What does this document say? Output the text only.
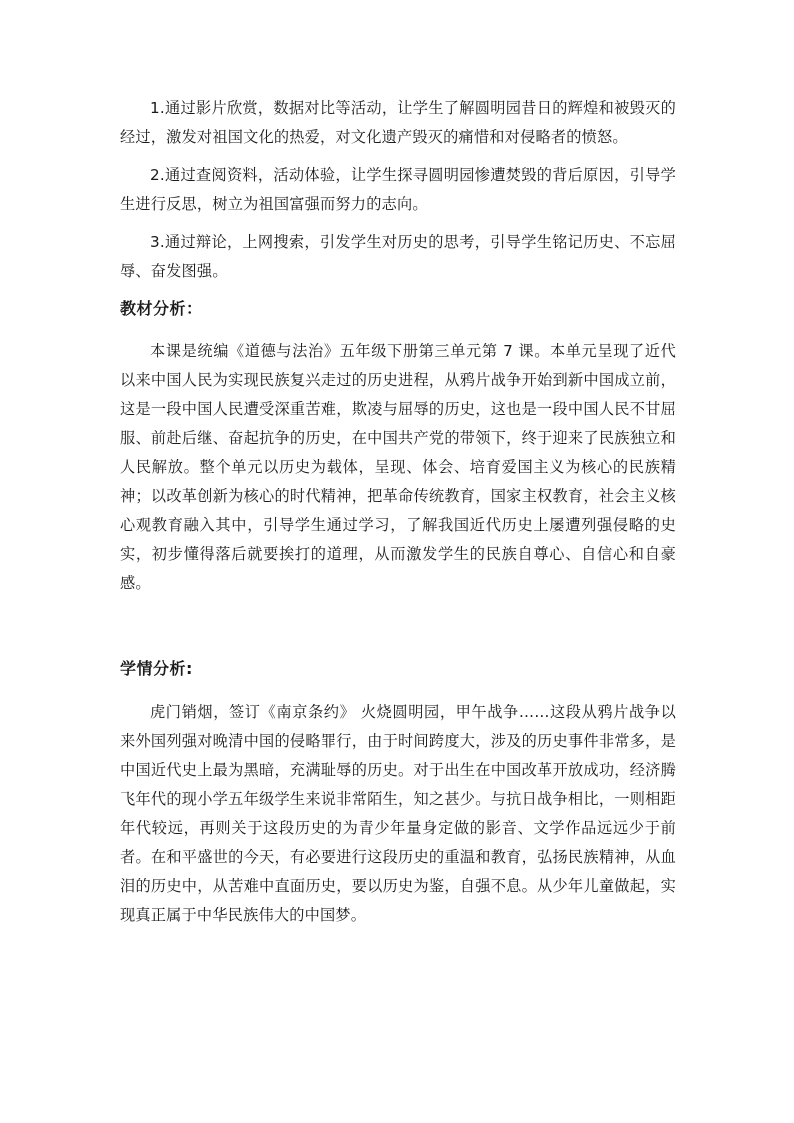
1.通过影片欣赏，数据对比等活动，让学生了解圆明园昔日的辉煌和被毁灭的经过，激发对祖国文化的热爱，对文化遗产毁灭的痛惜和对侵略者的愤怒。

2.通过查阅资料，活动体验，让学生探寻圆明园惨遭焚毁的背后原因，引导学生进行反思，树立为祖国富强而努力的志向。

3.通过辩论，上网搜索，引发学生对历史的思考，引导学生铭记历史、不忘屈辱、奋发图强。

教材分析：

本课是统编《道德与法治》五年级下册第三单元第 7 课。本单元呈现了近代以来中国人民为实现民族复兴走过的历史进程，从鸦片战争开始到新中国成立前，这是一段中国人民遭受深重苦难，欺凌与屈辱的历史，这也是一段中国人民不甘屈服、前赴后继、奋起抗争的历史，在中国共产党的带领下，终于迎来了民族独立和人民解放。整个单元以历史为载体，呈现、体会、培育爱国主义为核心的民族精神；以改革创新为核心的时代精神，把革命传统教育，国家主权教育，社会主义核心观教育融入其中，引导学生通过学习，了解我国近代历史上屡遭列强侵略的史实，初步懂得落后就要挨打的道理，从而激发学生的民族自尊心、自信心和自豪感。

学情分析:

虎门销烟，签订《南京条约》 火烧圆明园，甲午战争……这段从鸦片战争以来外国列强对晚清中国的侵略罪行，由于时间跨度大，涉及的历史事件非常多，是中国近代史上最为黑暗，充满耻辱的历史。对于出生在中国改革开放成功，经济腾飞年代的现小学五年级学生来说非常陌生，知之甚少。与抗日战争相比，一则相距年代较远，再则关于这段历史的为青少年量身定做的影音、文学作品远远少于前者。在和平盛世的今天，有必要进行这段历史的重温和教育，弘扬民族精神，从血泪的历史中，从苦难中直面历史，要以历史为鉴，自强不息。从少年儿童做起，实现真正属于中华民族伟大的中国梦。
